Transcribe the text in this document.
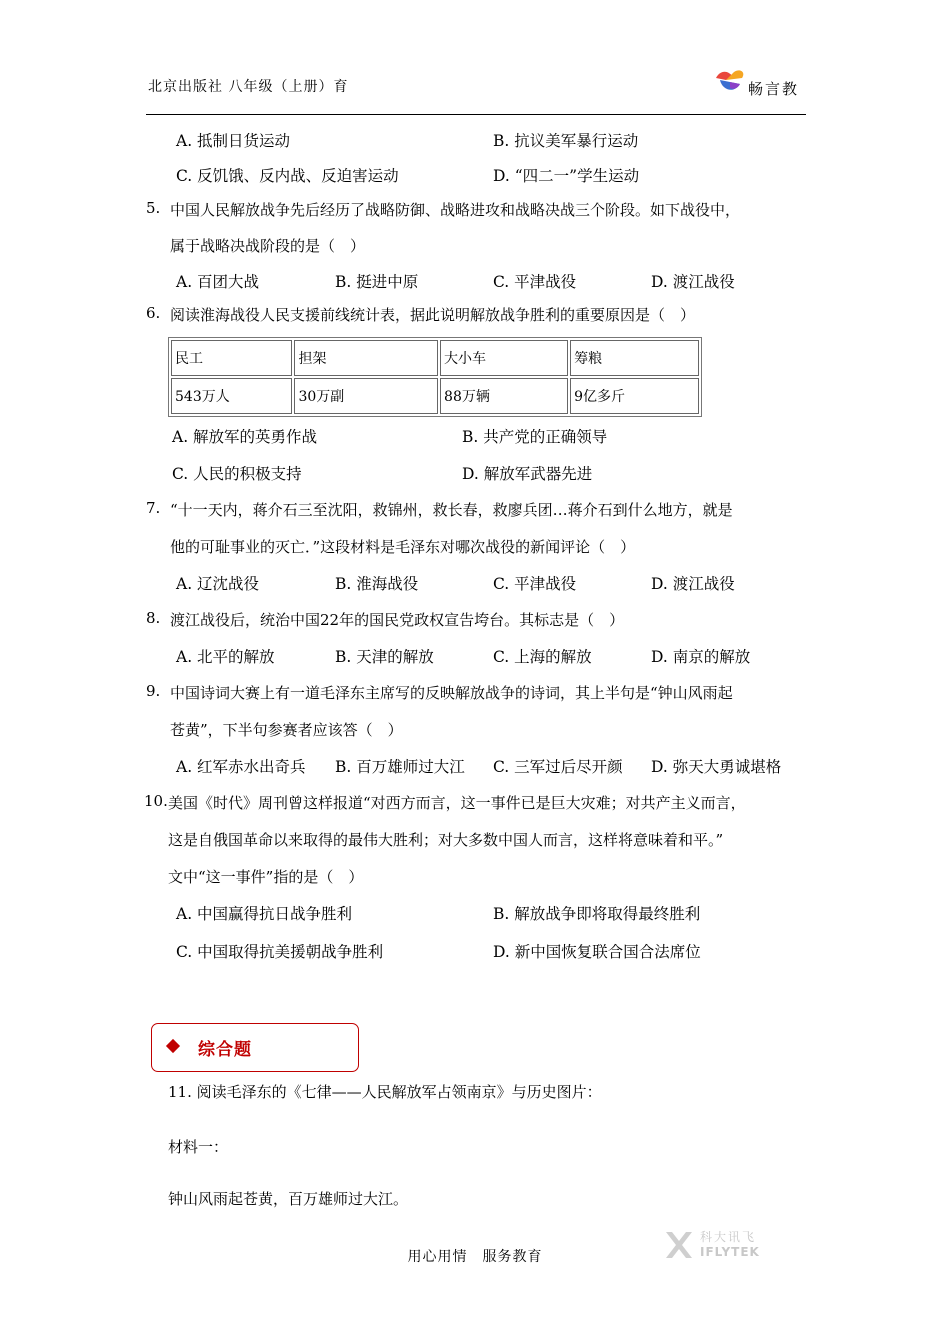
北京出版社 八年级（上册）育	畅言教
A. 抵制日货运动	B. 抗议美军暴行运动
C. 反饥饿、反内战、反迫害运动	D. “四二一”学生运动
5. 中国人民解放战争先后经历了战略防御、战略进攻和战略决战三个阶段。如下战役中，
属于战略决战阶段的是（　）
A. 百团大战	B. 挺进中原	C. 平津战役	D. 渡江战役
6. 阅读淮海战役人民支援前线统计表，据此说明解放战争胜利的重要原因是（　）
民工	担架	大小车	筹粮
543万人	30万副	88万辆	9亿多斤
A. 解放军的英勇作战	B. 共产党的正确领导
C. 人民的积极支持	D. 解放军武器先进
7. “十一天内，蒋介石三至沈阳，救锦州，救长春，救廖兵团…蒋介石到什么地方，就是
他的可耻事业的灭亡．”这段材料是毛泽东对哪次战役的新闻评论（　）
A. 辽沈战役	B. 淮海战役	C. 平津战役	D. 渡江战役
8. 渡江战役后，统治中国22年的国民党政权宣告垮台。其标志是（　）
A. 北平的解放	B. 天津的解放	C. 上海的解放	D. 南京的解放
9. 中国诗词大赛上有一道毛泽东主席写的反映解放战争的诗词，其上半句是“钟山风雨起
苍黄”，下半句参赛者应该答（　）
A. 红军赤水出奇兵 B. 百万雄师过大江 C. 三军过后尽开颜 D. 弥天大勇诚堪格
10. 美国《时代》周刊曾这样报道“对西方而言，这一事件已是巨大灾难；对共产主义而言，
这是自俄国革命以来取得的最伟大胜利；对大多数中国人而言，这样将意味着和平。”
文中“这一事件”指的是（　）
A. 中国赢得抗日战争胜利	B. 解放战争即将取得最终胜利
C. 中国取得抗美援朝战争胜利	D. 新中国恢复联合国合法席位
综合题
11. 阅读毛泽东的《七律——人民解放军占领南京》与历史图片：
材料一：
钟山风雨起苍黄，百万雄师过大江。
用心用情　服务教育
科大讯飞
IFLYTEK
